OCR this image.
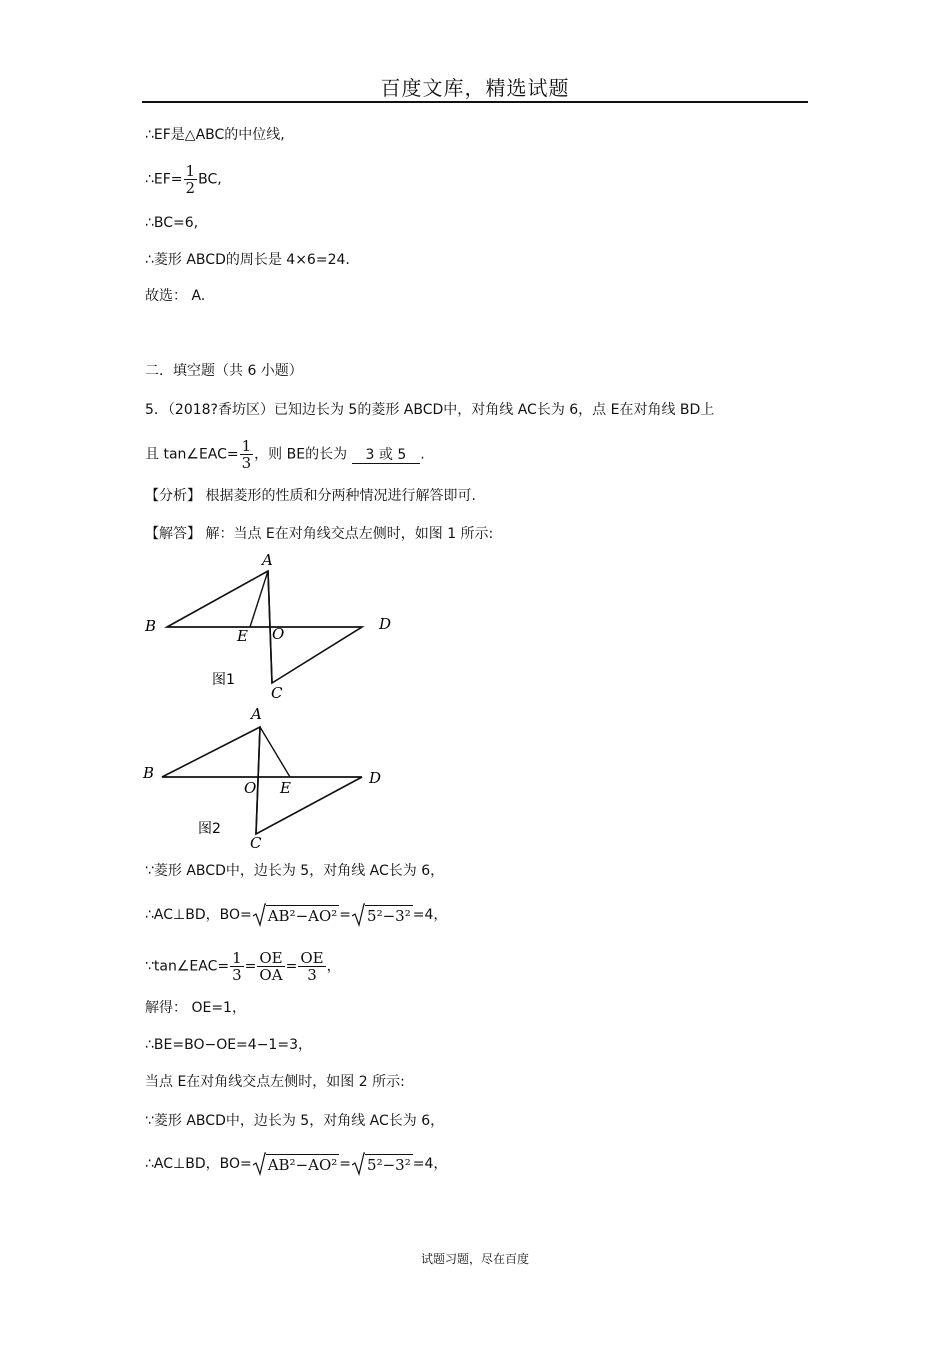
百度文库，精选试题
∴EF是△ABC的中位线,
∴EF= $\frac{1}{2}$ BC,
∴BC=6,
∴菱形 ABCD的周长是 4×6=24.
故选： A.
二．填空题（共 6 小题）
5．（2018?香坊区）已知边长为 5的菱形 ABCD中，对角线 AC长为 6，点 E在对角线 BD上
且 tan∠EAC= $\frac{1}{3}$ ，则 BE的长为 3 或 5 .
【分析】 根据菱形的性质和分两种情况进行解答即可.
【解答】 解：当点 E在对角线交点左侧时，如图 1 所示:
A
B
C
D
E O
图1
A
B
C
D
E
O
图2
∵菱形 ABCD中，边长为 5，对角线 AC长为 6，
∴AC⊥BD，BO= AB²−AO² = 5²−3² =4，
∵tan∠EAC= $\frac{1}{3} = \frac{OE}{OA} = \frac{OE}{3}$ ，
解得： OE=1，
∴BE=BO−OE=4−1=3，
当点 E在对角线交点左侧时，如图 2 所示:
∵菱形 ABCD中，边长为 5，对角线 AC长为 6，
∴AC⊥BD，BO= AB²−AO² = 5²−3² =4，
试题习题，尽在百度
